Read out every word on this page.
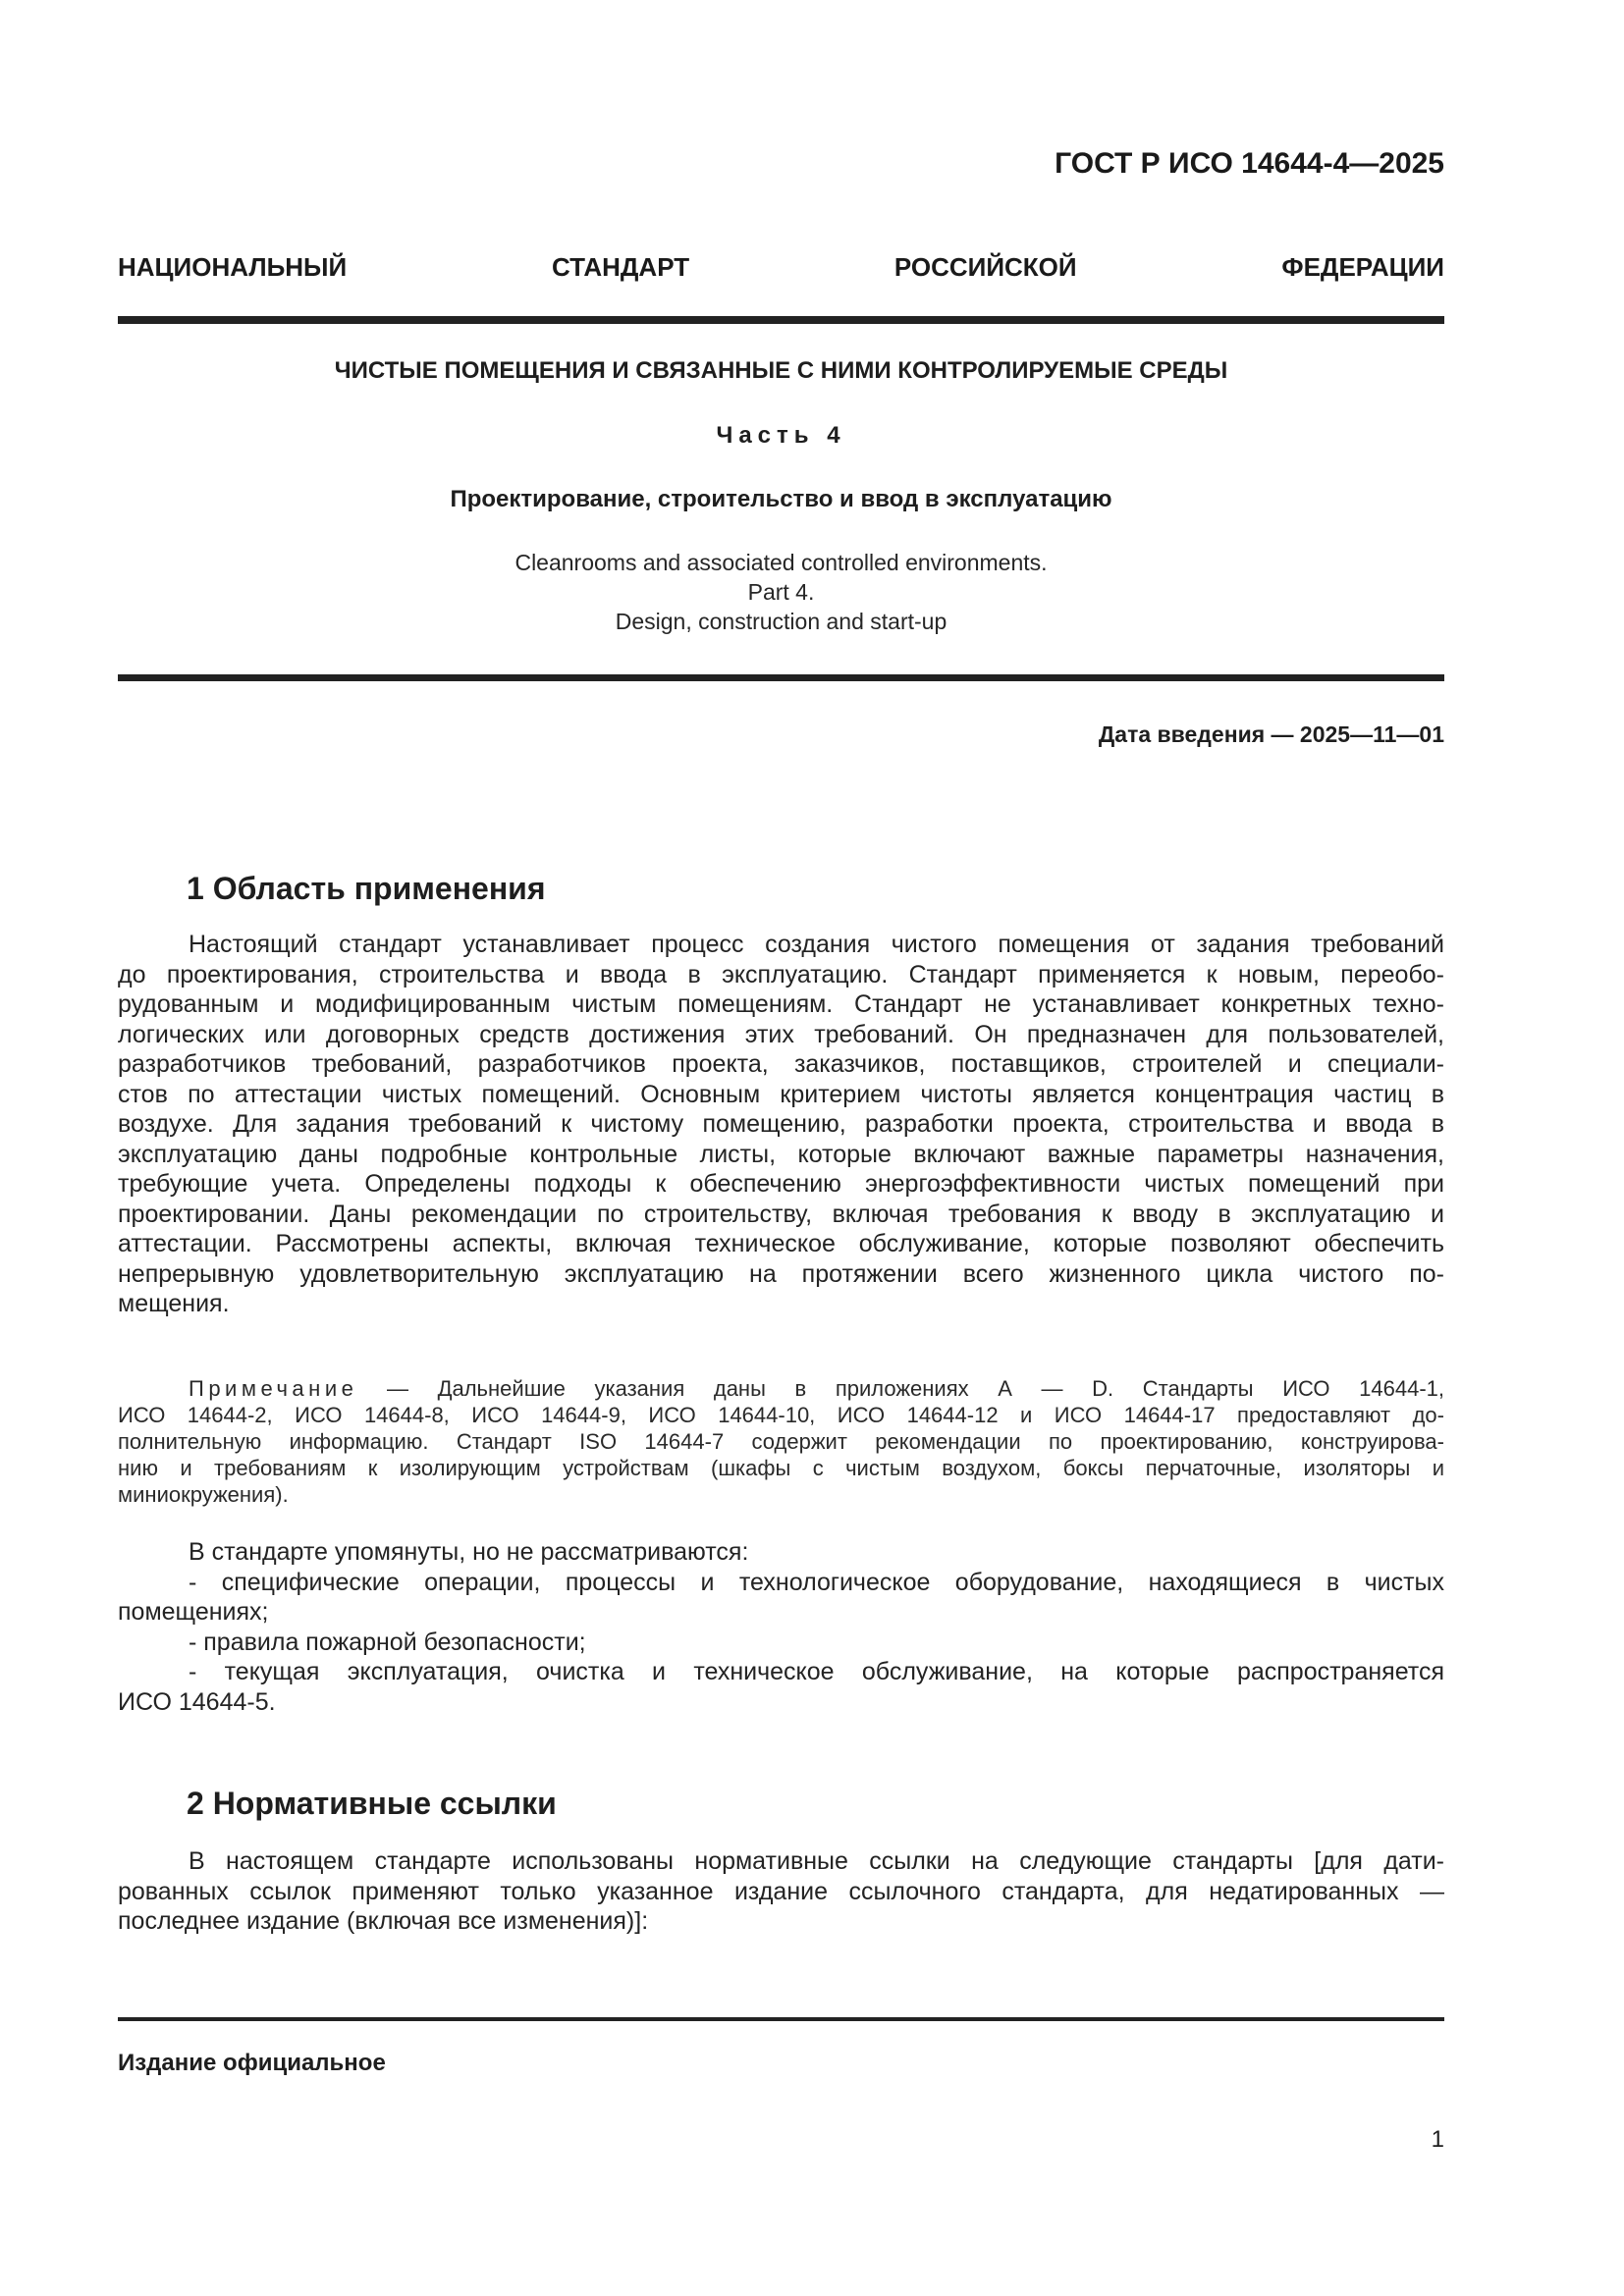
ГОСТ Р ИСО 14644-4—2025
НАЦИОНАЛЬНЫЙ СТАНДАРТ РОССИЙСКОЙ ФЕДЕРАЦИИ
ЧИСТЫЕ ПОМЕЩЕНИЯ И СВЯЗАННЫЕ С НИМИ КОНТРОЛИРУЕМЫЕ СРЕДЫ
Часть 4
Проектирование, строительство и ввод в эксплуатацию
Cleanrooms and associated controlled environments.
Part 4.
Design, construction and start-up
Дата введения — 2025—11—01
1 Область применения
Настоящий стандарт устанавливает процесс создания чистого помещения от задания требований
до проектирования, строительства и ввода в эксплуатацию. Стандарт применяется к новым, переобо-
рудованным и модифицированным чистым помещениям. Стандарт не устанавливает конкретных техно-
логических или договорных средств достижения этих требований. Он предназначен для пользователей,
разработчиков требований, разработчиков проекта, заказчиков, поставщиков, строителей и специали-
стов по аттестации чистых помещений. Основным критерием чистоты является концентрация частиц в
воздухе. Для задания требований к чистому помещению, разработки проекта, строительства и ввода в
эксплуатацию даны подробные контрольные листы, которые включают важные параметры назначения,
требующие учета. Определены подходы к обеспечению энергоэффективности чистых помещений при
проектировании. Даны рекомендации по строительству, включая требования к вводу в эксплуатацию и
аттестации. Рассмотрены аспекты, включая техническое обслуживание, которые позволяют обеспечить
непрерывную удовлетворительную эксплуатацию на протяжении всего жизненного цикла чистого по-
мещения.
Примечание — Дальнейшие указания даны в приложениях А — D. Стандарты ИСО 14644-1,
ИСО 14644-2, ИСО 14644-8, ИСО 14644-9, ИСО 14644-10, ИСО 14644-12 и ИСО 14644-17 предоставляют до-
полнительную информацию. Стандарт ISO 14644-7 содержит рекомендации по проектированию, конструирова-
нию и требованиям к изолирующим устройствам (шкафы с чистым воздухом, боксы перчаточные, изоляторы и
миниокружения).
В стандарте упомянуты, но не рассматриваются:
- специфические операции, процессы и технологическое оборудование, находящиеся в чистых
помещениях;
- правила пожарной безопасности;
- текущая эксплуатация, очистка и техническое обслуживание, на которые распространяется
ИСО 14644-5.
2 Нормативные ссылки
В настоящем стандарте использованы нормативные ссылки на следующие стандарты [для дати-
рованных ссылок применяют только указанное издание ссылочного стандарта, для недатированных —
последнее издание (включая все изменения)]:
Издание официальное
1
